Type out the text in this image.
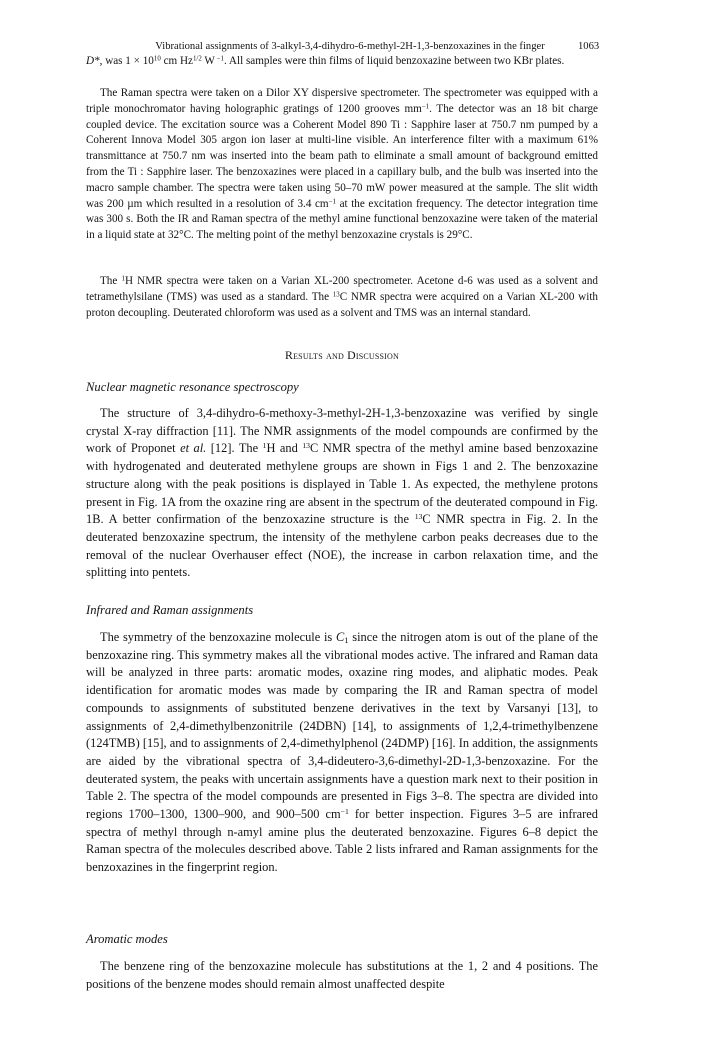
Vibrational assignments of 3-alkyl-3,4-dihydro-6-methyl-2H-1,3-benzoxazines in the finger	1063

D*, was $1 \times 10^{10}$ cm $Hz^{1/2}$ W $^{-1}$. All samples were thin films of liquid benzoxazine between two KBr plates.

The Raman spectra were taken on a Dilor XY dispersive spectrometer. The spectrometer was equipped with a triple monochromator having holographic gratings of 1200 grooves $mm^{-1}$. The detector was an 18 bit charge coupled device. The excitation source was a Coherent Model 890 Ti : Sapphire laser at 750.7 nm pumped by a Coherent Innova Model 305 argon ion laser at multi-line visible. An interference filter with a maximum 61% transmittance at 750.7 nm was inserted into the beam path to eliminate a small amount of background emitted from the Ti : Sapphire laser. The benzoxazines were placed in a capillary bulb, and the bulb was inserted into the macro sample chamber. The spectra were taken using 50–70 mW power measured at the sample. The slit width was 200 µm which resulted in a resolution of 3.4 $cm^{-1}$ at the excitation frequency. The detector integration time was 300 s. Both the IR and Raman spectra of the methyl amine functional benzoxazine were taken of the material in a liquid state at 32°C. The melting point of the methyl benzoxazine crystals is 29°C.

The $^1$H NMR spectra were taken on a Varian XL-200 spectrometer. Acetone d-6 was used as a solvent and tetramethylsilane (TMS) was used as a standard. The $^{13}$C NMR spectra were acquired on a Varian XL-200 with proton decoupling. Deuterated chloroform was used as a solvent and TMS was an internal standard.

Results and Discussion

Nuclear magnetic resonance spectroscopy

The structure of 3,4-dihydro-6-methoxy-3-methyl-2H-1,3-benzoxazine was verified by single crystal X-ray diffraction [11]. The NMR assignments of the model compounds are confirmed by the work of Proponet et al. [12]. The $^1$H and $^{13}$C NMR spectra of the methyl amine based benzoxazine with hydrogenated and deuterated methylene groups are shown in Figs 1 and 2. The benzoxazine structure along with the peak positions is displayed in Table 1. As expected, the methylene protons present in Fig. 1A from the oxazine ring are absent in the spectrum of the deuterated compound in Fig. 1B. A better confirmation of the benzoxazine structure is the $^{13}$C NMR spectra in Fig. 2. In the deuterated benzoxazine spectrum, the intensity of the methylene carbon peaks decreases due to the removal of the nuclear Overhauser effect (NOE), the increase in carbon relaxation time, and the splitting into pentets.

Infrared and Raman assignments

The symmetry of the benzoxazine molecule is $C_1$ since the nitrogen atom is out of the plane of the benzoxazine ring. This symmetry makes all the vibrational modes active. The infrared and Raman data will be analyzed in three parts: aromatic modes, oxazine ring modes, and aliphatic modes. Peak identification for aromatic modes was made by comparing the IR and Raman spectra of model compounds to assignments of substituted benzene derivatives in the text by Varsanyi [13], to assignments of 2,4-dimethylbenzonitrile (24DBN) [14], to assignments of 1,2,4-trimethylbenzene (124TMB) [15], and to assignments of 2,4-dimethylphenol (24DMP) [16]. In addition, the assignments are aided by the vibrational spectra of 3,4-dideutero-3,6-dimethyl-2D-1,3-benzoxazine. For the deuterated system, the peaks with uncertain assignments have a question mark next to their position in Table 2. The spectra of the model compounds are presented in Figs 3–8. The spectra are divided into regions 1700–1300, 1300–900, and 900–500 $cm^{-1}$ for better inspection. Figures 3–5 are infrared spectra of methyl through n-amyl amine plus the deuterated benzoxazine. Figures 6–8 depict the Raman spectra of the molecules described above. Table 2 lists infrared and Raman assignments for the benzoxazines in the fingerprint region.

Aromatic modes

The benzene ring of the benzoxazine molecule has substitutions at the 1, 2 and 4 positions. The positions of the benzene modes should remain almost unaffected despite
